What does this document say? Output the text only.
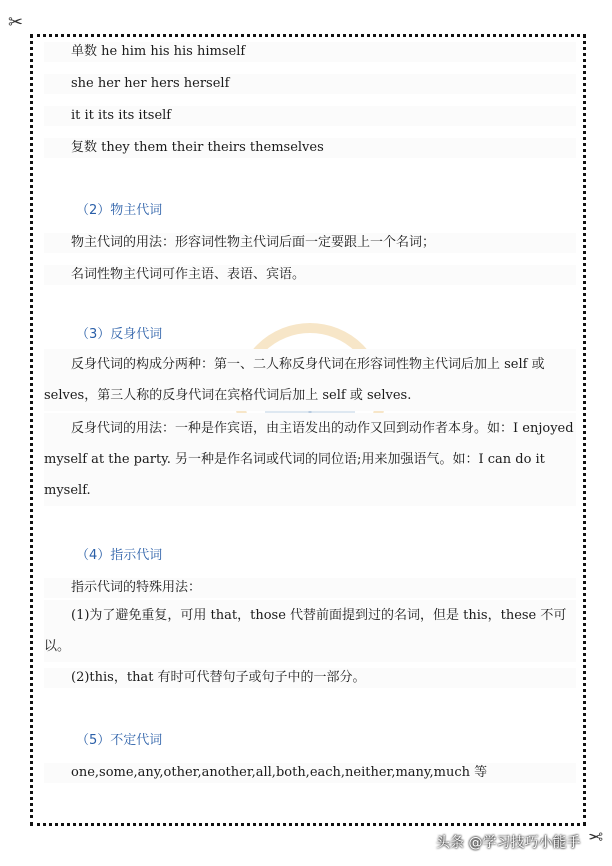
✂
✂

单数 he him his his himself

she her her hers herself

it it its its itself

复数 they them their theirs themselves

（2）物主代词

物主代词的用法：形容词性物主代词后面一定要跟上一个名词；

名词性物主代词可作主语、表语、宾语。

（3）反身代词

反身代词的构成分两种：第一、二人称反身代词在形容词性物主代词后加上 self 或 selves，第三人称的反身代词在宾格代词后加上 self 或 selves.

反身代词的用法：一种是作宾语，由主语发出的动作又回到动作者本身。如：I enjoyed myself at the party. 另一种是作名词或代词的同位语;用来加强语气。如：I can do it myself.

（4）指示代词

指示代词的特殊用法：

(1)为了避免重复，可用 that，those 代替前面提到过的名词，但是 this，these 不可以。

(2)this，that 有时可代替句子或句子中的一部分。

（5）不定代词

one,some,any,other,another,all,both,each,neither,many,much 等

头条 @学习技巧小能手
